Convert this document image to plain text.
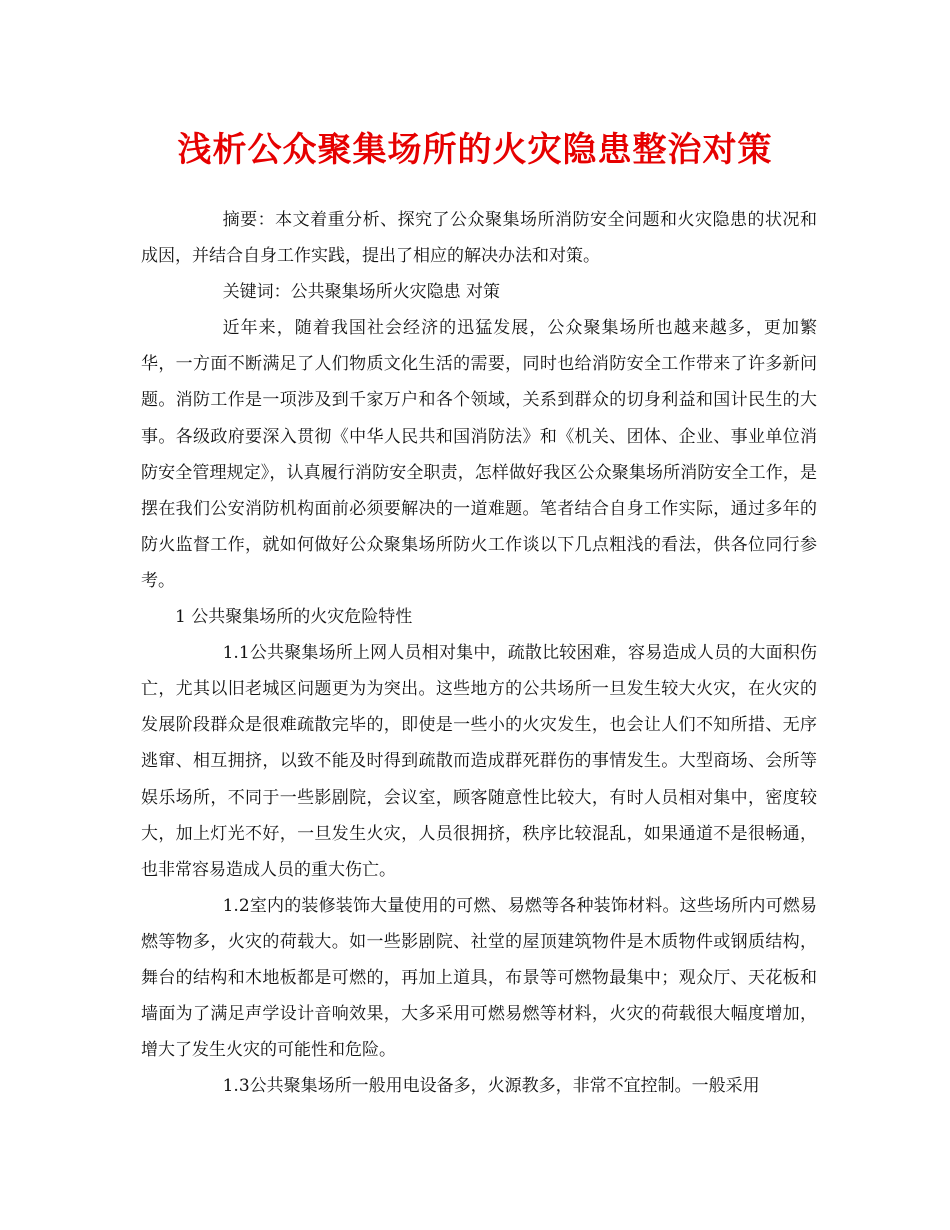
浅析公众聚集场所的火灾隐患整治对策

摘要：本文着重分析、探究了公众聚集场所消防安全问题和火灾隐患的状况和成因，并结合自身工作实践，提出了相应的解决办法和对策。

关键词：公共聚集场所火灾隐患 对策

近年来，随着我国社会经济的迅猛发展，公众聚集场所也越来越多，更加繁华，一方面不断满足了人们物质文化生活的需要，同时也给消防安全工作带来了许多新问题。消防工作是一项涉及到千家万户和各个领域，关系到群众的切身利益和国计民生的大事。各级政府要深入贯彻《中华人民共和国消防法》和《机关、团体、企业、事业单位消防安全管理规定》，认真履行消防安全职责，怎样做好我区公众聚集场所消防安全工作，是摆在我们公安消防机构面前必须要解决的一道难题。笔者结合自身工作实际，通过多年的防火监督工作，就如何做好公众聚集场所防火工作谈以下几点粗浅的看法，供各位同行参考。

1 公共聚集场所的火灾危险特性

1.1公共聚集场所上网人员相对集中，疏散比较困难，容易造成人员的大面积伤亡，尤其以旧老城区问题更为为突出。这些地方的公共场所一旦发生较大火灾，在火灾的发展阶段群众是很难疏散完毕的，即使是一些小的火灾发生，也会让人们不知所措、无序逃窜、相互拥挤，以致不能及时得到疏散而造成群死群伤的事情发生。大型商场、会所等娱乐场所，不同于一些影剧院，会议室，顾客随意性比较大，有时人员相对集中，密度较大，加上灯光不好，一旦发生火灾，人员很拥挤，秩序比较混乱，如果通道不是很畅通，也非常容易造成人员的重大伤亡。

1.2室内的装修装饰大量使用的可燃、易燃等各种装饰材料。这些场所内可燃易燃等物多，火灾的荷载大。如一些影剧院、社堂的屋顶建筑物件是木质物件或钢质结构，舞台的结构和木地板都是可燃的，再加上道具，布景等可燃物最集中；观众厅、天花板和墙面为了满足声学设计音响效果，大多采用可燃易燃等材料，火灾的荷载很大幅度增加，增大了发生火灾的可能性和危险。

1.3公共聚集场所一般用电设备多，火源教多，非常不宜控制。一般采用
